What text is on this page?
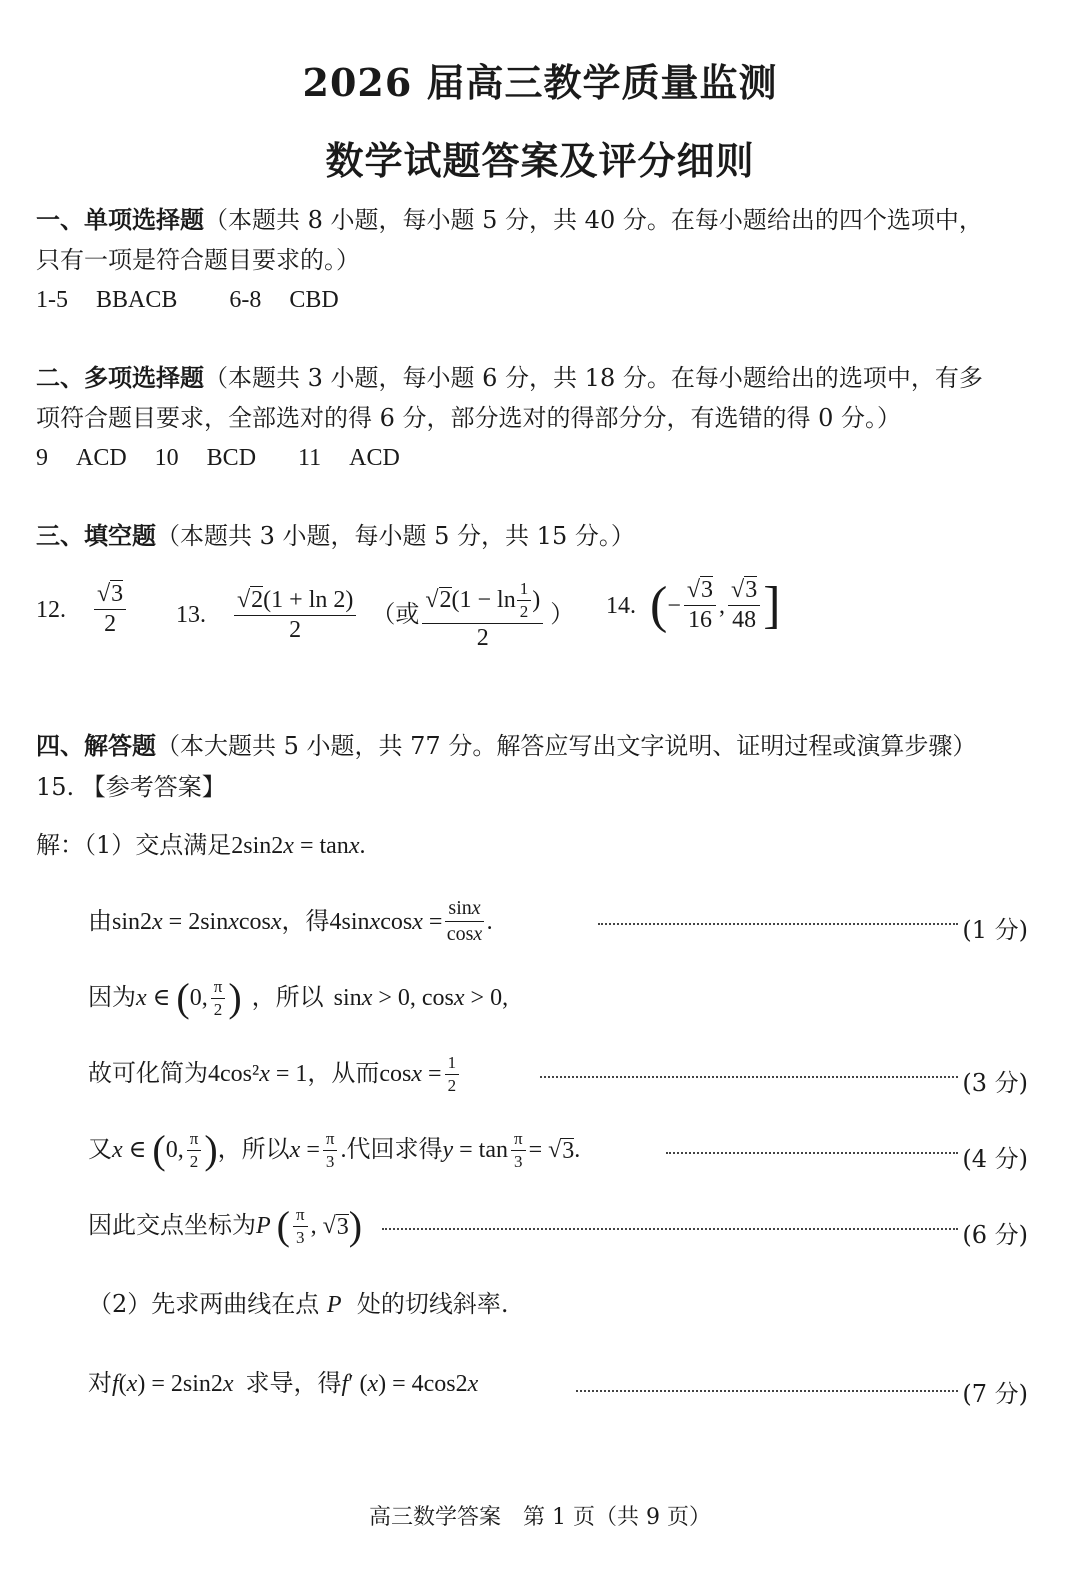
2026 届高三教学质量监测
数学试题答案及评分细则
一、单项选择题（本题共 8 小题，每小题 5 分，共 40 分。在每小题给出的四个选项中，
只有一项是符合题目要求的。）
1-5 BBACB 6-8 CBD
二、多项选择题（本题共 3 小题，每小题 6 分，共 18 分。在每小题给出的选项中，有多
项符合题目要求，全部选对的得 6 分，部分选对的得部分分，有选错的得 0 分。）
9 ACD 10 BCD 11 ACD
三、填空题（本题共 3 小题，每小题 5 分，共 15 分。）
12. $\frac{√3}{2} 13$. $\frac{√2(1 + \ln 2)}{2}$ （ 或 $\frac{√ 2 (1 - \ln \frac{1}{2} )}{2}$ ） 14. ( − $\frac{√3}{16}$ , $\frac{√3}{48}$ ]
四、解答题（本大题共 5 小题，共 77 分。解答应写出文字说明、证明过程或演算步骤）
15. 【参考答案】
解：（1）交点满足2sin2x = tanx.
由 sin2x = 2sinxcosx ，得 4sinxcosx = $\frac{\sin x}{\cos x}$ .	(1 分)
因为 x ∈ ( 0, $\frac{\pi}{2}$ ) ，所以 sinx > 0, cosx > 0,
故可化简为 4cos²x = 1 ，从而 $\cos x = \frac{1}{2}$	(3 分)
又 x ∈ ( 0, $\frac{\pi}{2}$ ) ，所以 $x = \frac{\pi}{3}$ . 代回求得 $y = \tan \frac{\pi}{3}$ = √ 3 .	(4 分)
因此交点坐标为 P
( $\frac{\pi}{3}$ , √ 3 )	(6 分)
（2）先求两曲线在点 P 处的切线斜率.
对f(x) = 2sin2x 求导，得f′ (x) = 4cos2x	(7 分)
高三数学答案　第 1 页（共 9 页）
